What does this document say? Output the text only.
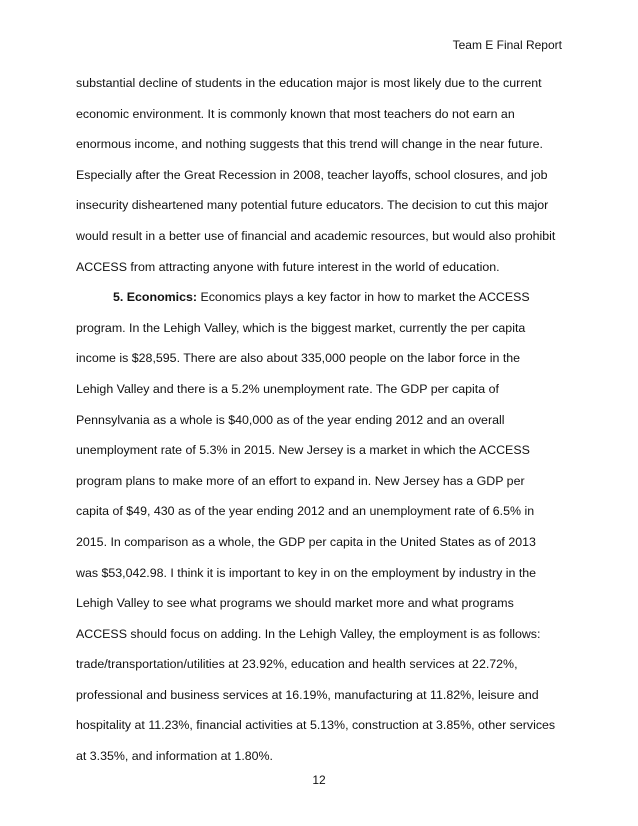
Team E Final Report
substantial decline of students in the education major is most likely due to the current
economic environment. It is commonly known that most teachers do not earn an
enormous income, and nothing suggests that this trend will change in the near future.
Especially after the Great Recession in 2008, teacher layoffs, school closures, and job
insecurity disheartened many potential future educators. The decision to cut this major
would result in a better use of financial and academic resources, but would also prohibit
ACCESS from attracting anyone with future interest in the world of education.
5. Economics: Economics plays a key factor in how to market the ACCESS
program. In the Lehigh Valley, which is the biggest market, currently the per capita
income is $28,595. There are also about 335,000 people on the labor force in the
Lehigh Valley and there is a 5.2% unemployment rate. The GDP per capita of
Pennsylvania as a whole is $40,000 as of the year ending 2012 and an overall
unemployment rate of 5.3% in 2015. New Jersey is a market in which the ACCESS
program plans to make more of an effort to expand in. New Jersey has a GDP per
capita of $49, 430 as of the year ending 2012 and an unemployment rate of 6.5% in
2015. In comparison as a whole, the GDP per capita in the United States as of 2013
was $53,042.98. I think it is important to key in on the employment by industry in the
Lehigh Valley to see what programs we should market more and what programs
ACCESS should focus on adding. In the Lehigh Valley, the employment is as follows:
trade/transportation/utilities at 23.92%, education and health services at 22.72%,
professional and business services at 16.19%, manufacturing at 11.82%, leisure and
hospitality at 11.23%, financial activities at 5.13%, construction at 3.85%, other services
at 3.35%, and information at 1.80%.
12
